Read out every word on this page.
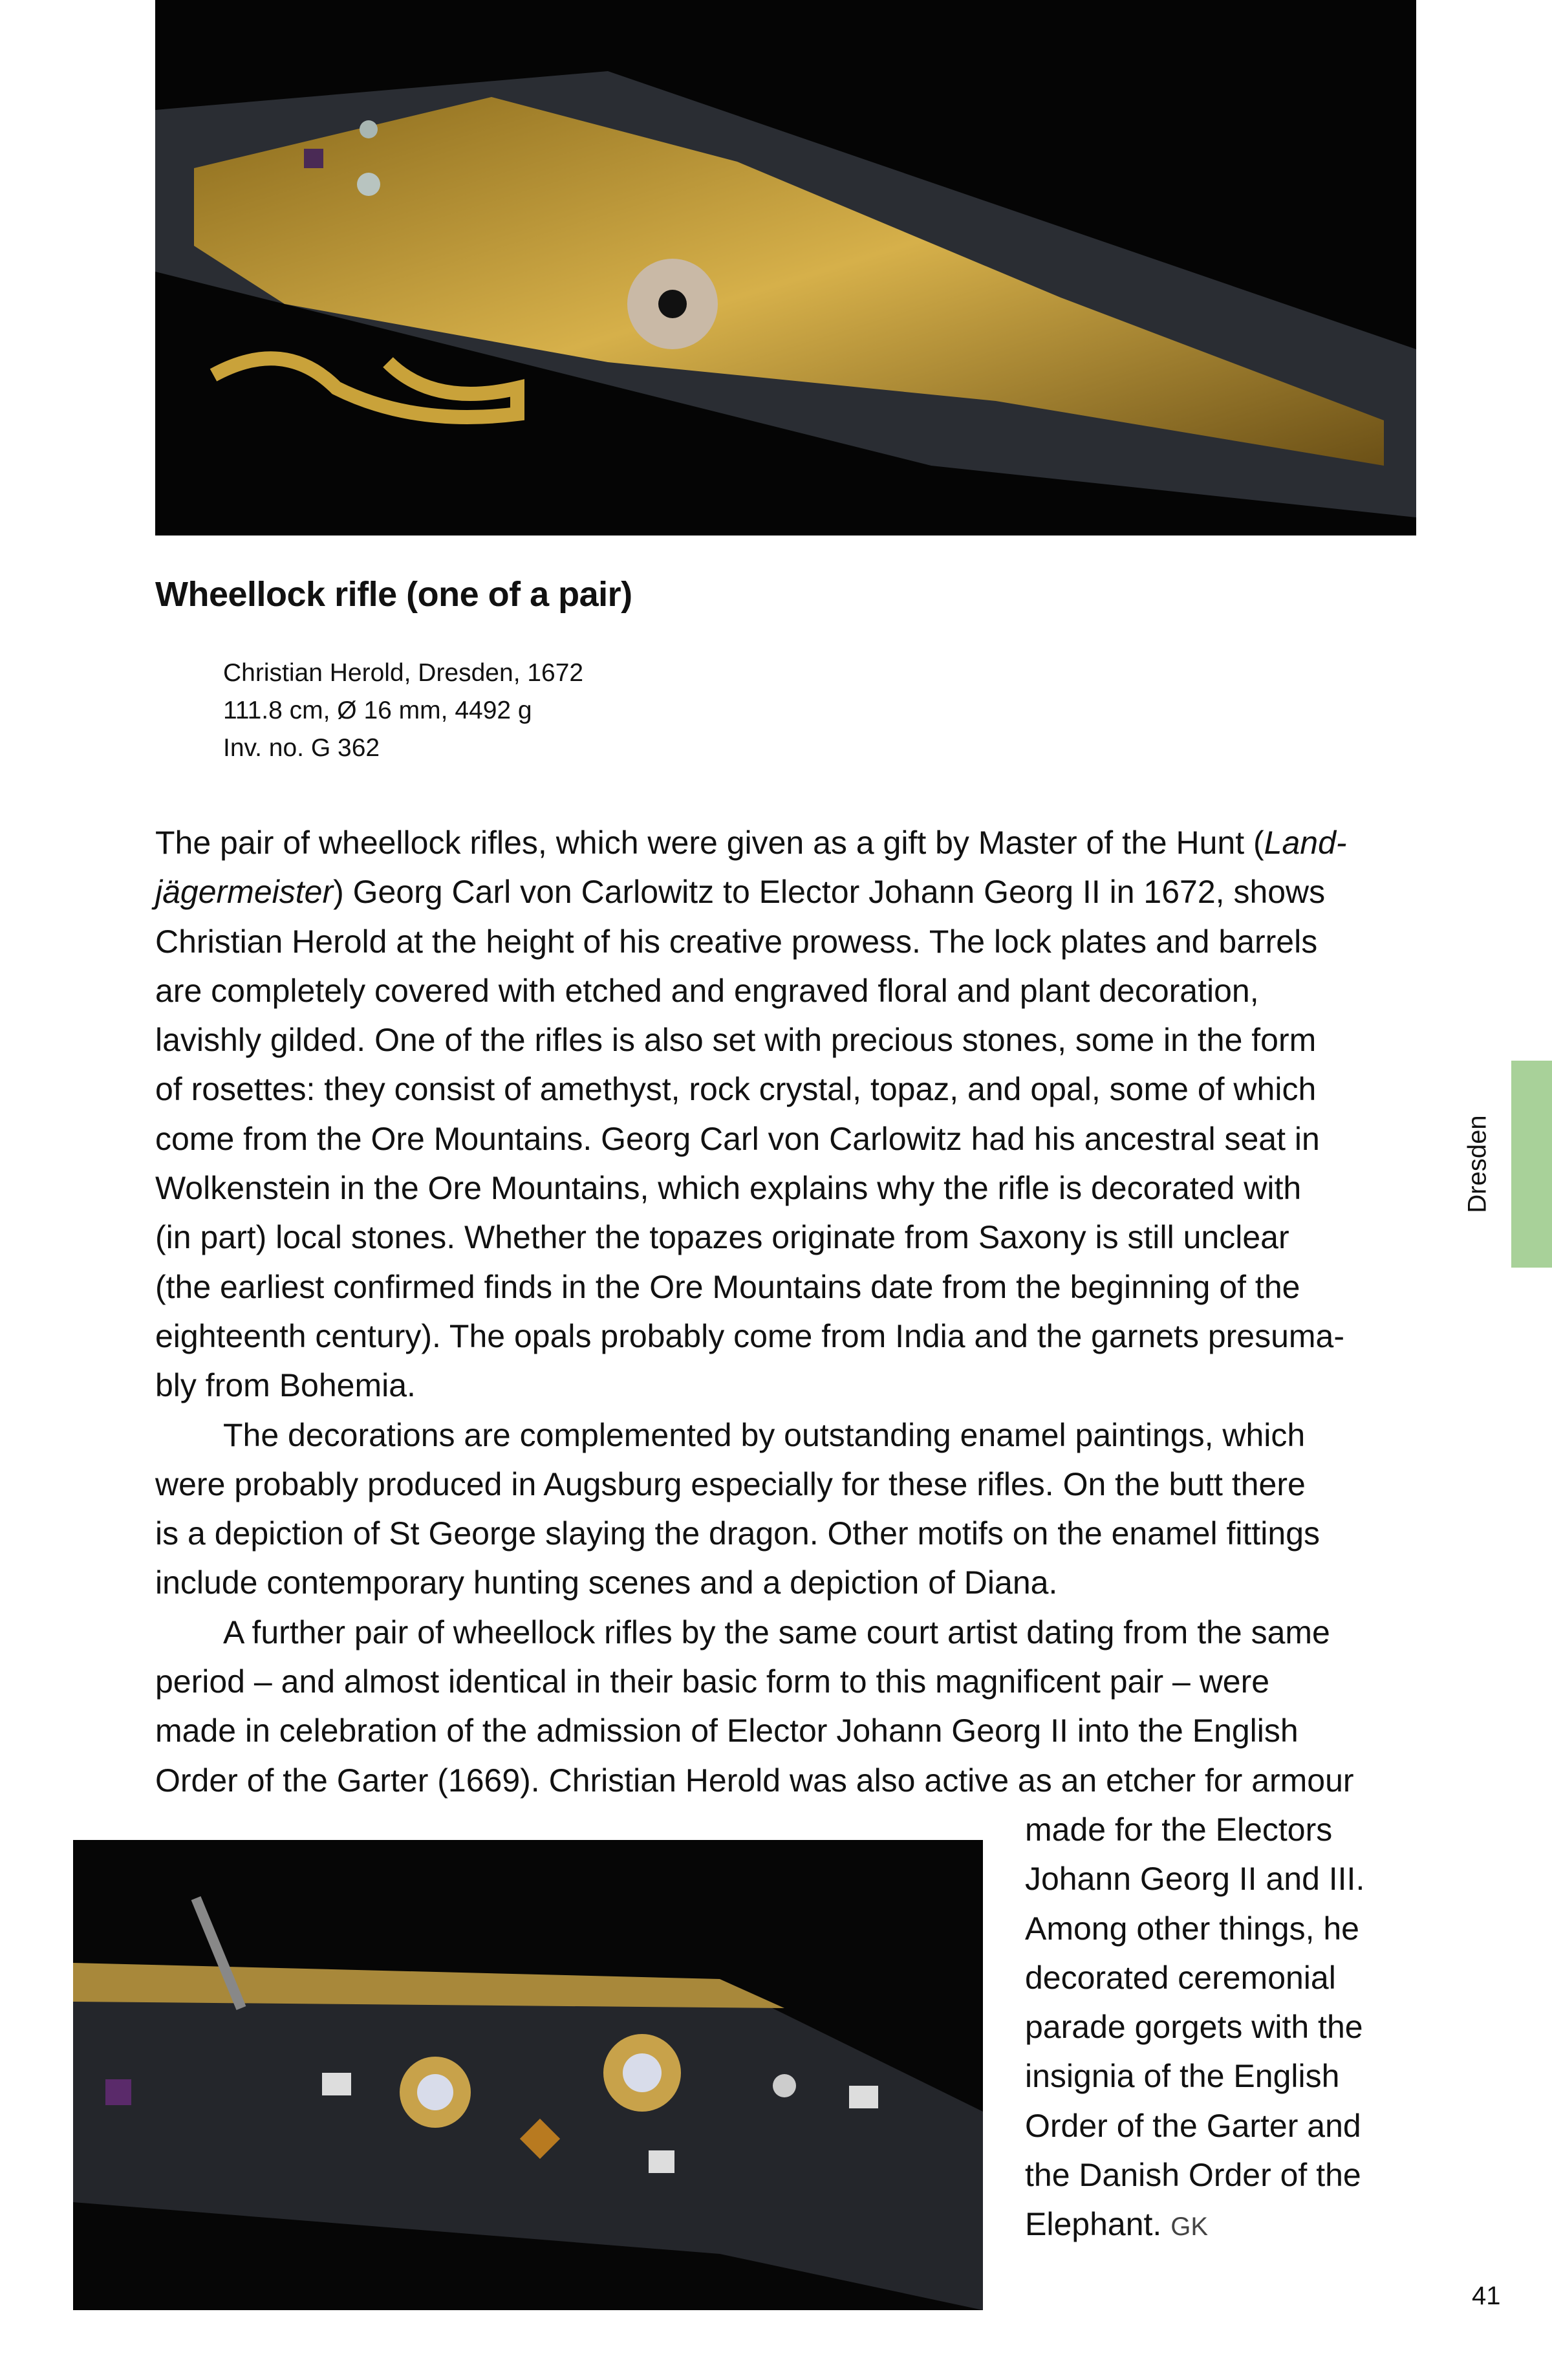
Wheellock rifle (one of a pair)
Christian Herold, Dresden, 1672
111.8 cm, Ø 16 mm, 4492 g
Inv. no. G 362
The pair of wheellock rifles, which were given as a gift by Master of the Hunt (Land-
jägermeister) Georg Carl von Carlowitz to Elector Johann Georg II in 1672, shows
Christian Herold at the height of his creative prowess. The lock plates and barrels
are completely covered with etched and engraved floral and plant decoration,
lavishly gilded. One of the rifles is also set with precious stones, some in the form
of rosettes: they consist of amethyst, rock crystal, topaz, and opal, some of which
come from the Ore Mountains. Georg Carl von Carlowitz had his ancestral seat in
Wolkenstein in the Ore Mountains, which explains why the rifle is decorated with
(in part) local stones. Whether the topazes originate from Saxony is still unclear
(the earliest confirmed finds in the Ore Mountains date from the beginning of the
eighteenth century). The opals probably come from India and the garnets presuma-
bly from Bohemia.
The decorations are complemented by outstanding enamel paintings, which
were probably produced in Augsburg especially for these rifles. On the butt there
is a depiction of St George slaying the dragon. Other motifs on the enamel fittings
include contemporary hunting scenes and a depiction of Diana.
A further pair of wheellock rifles by the same court artist dating from the same
period – and almost identical in their basic form to this magnificent pair – were
made in celebration of the admission of Elector Johann Georg II into the English
Order of the Garter (1669). Christian Herold was also active as an etcher for armour
made for the Electors
Johann Georg II and III.
Among other things, he
decorated ceremonial
parade gorgets with the
insignia of the English
Order of the Garter and
the Danish Order of the
Elephant. GK
Dresden
41
